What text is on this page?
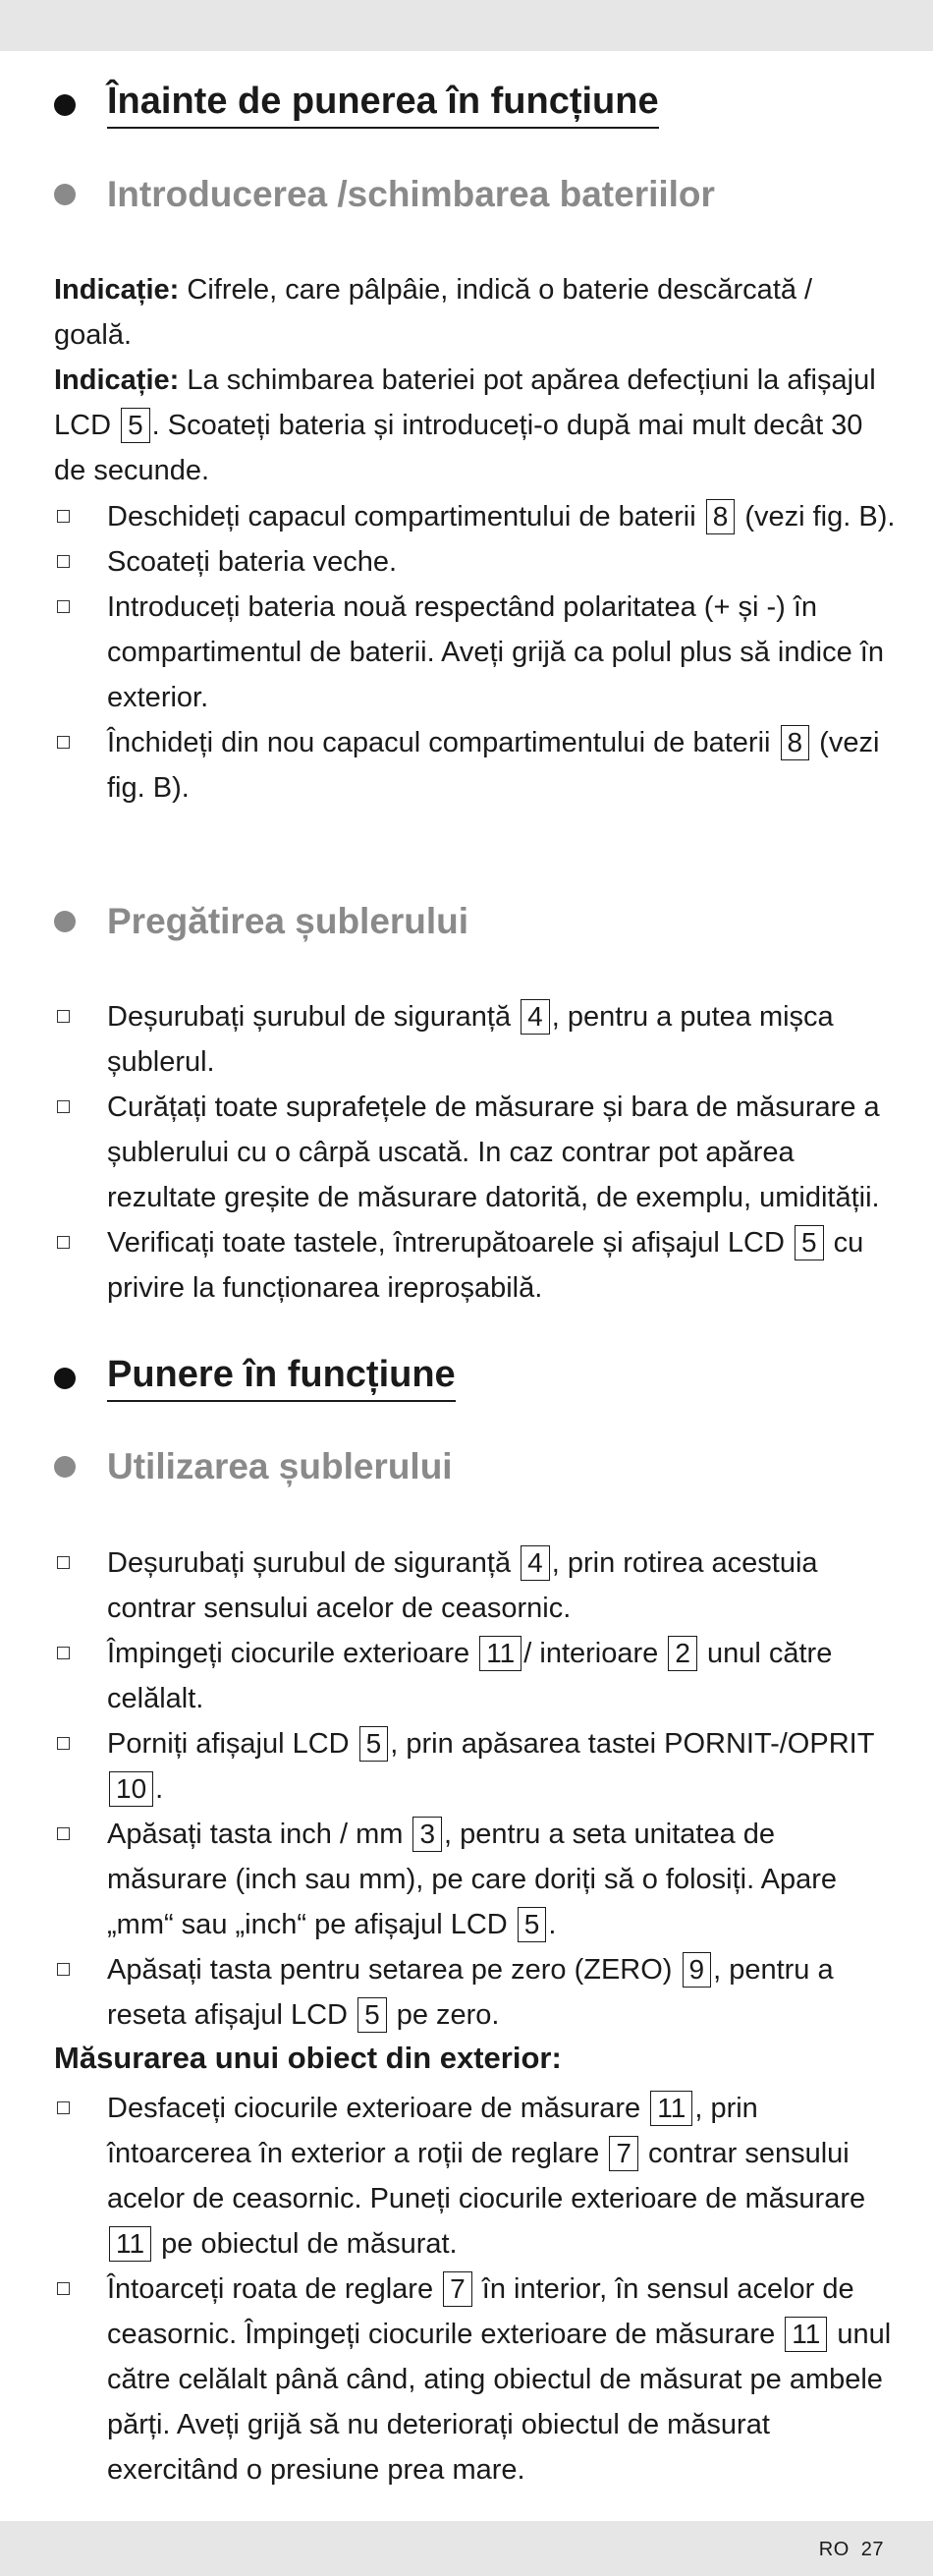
Înainte de punerea în funcțiune
Introducerea /schimbarea bateriilor
Indicație: Cifrele, care pâlpâie, indică o baterie descărcată / goală.
Indicație: La schimbarea bateriei pot apărea defecțiuni la afișajul LCD 5 . Scoateți bateria și introduceți-o după mai mult decât 30 de secunde.
Deschideți capacul compartimentului de baterii 8 (vezi fig. B).
Scoateți bateria veche.
Introduceți bateria nouă respectând polaritatea (+ și -) în compartimentul de baterii. Aveți grijă ca polul plus să indice în exterior.
Închideți din nou capacul compartimentului de baterii 8 (vezi fig. B).
Pregătirea șublerului
Deșurubați șurubul de siguranță 4 , pentru a putea mișca șublerul.
Curățați toate suprafețele de măsurare și bara de măsurare a șublerului cu o cârpă uscată. In caz contrar pot apărea rezultate greșite de măsurare datorită, de exemplu, umidității.
Verificați toate tastele, întrerupătoarele și afișajul LCD 5 cu privire la funcționarea ireproșabilă.
Punere în funcțiune
Utilizarea șublerului
Deșurubați șurubul de siguranță 4 , prin rotirea acestuia contrar sensului acelor de ceasornic.
Împingeți ciocurile exterioare 11 / interioare 2 unul către celălalt.
Porniți afișajul LCD 5 , prin apăsarea tastei PORNIT-/OPRIT 10 .
Apăsați tasta inch / mm 3 , pentru a seta unitatea de măsurare (inch sau mm), pe care doriți să o folosiți. Apare „mm“ sau „inch“ pe afișajul LCD 5 .
Apăsați tasta pentru setarea pe zero (ZERO) 9 , pentru a reseta afișajul LCD 5 pe zero.
Măsurarea unui obiect din exterior:
Desfaceți ciocurile exterioare de măsurare 11 , prin întoarcerea în exterior a roții de reglare 7 contrar sensului acelor de ceasornic. Puneți ciocurile exterioare de măsurare 11 pe obiectul de măsurat.
Întoarceți roata de reglare 7 în interior, în sensul acelor de ceasornic. Împingeți ciocurile exterioare de măsurare 11 unul către celălalt până când, ating obiectul de măsurat pe ambele părți. Aveți grijă să nu deteriorați obiectul de măsurat exercitând o presiune prea mare.
RO 27
